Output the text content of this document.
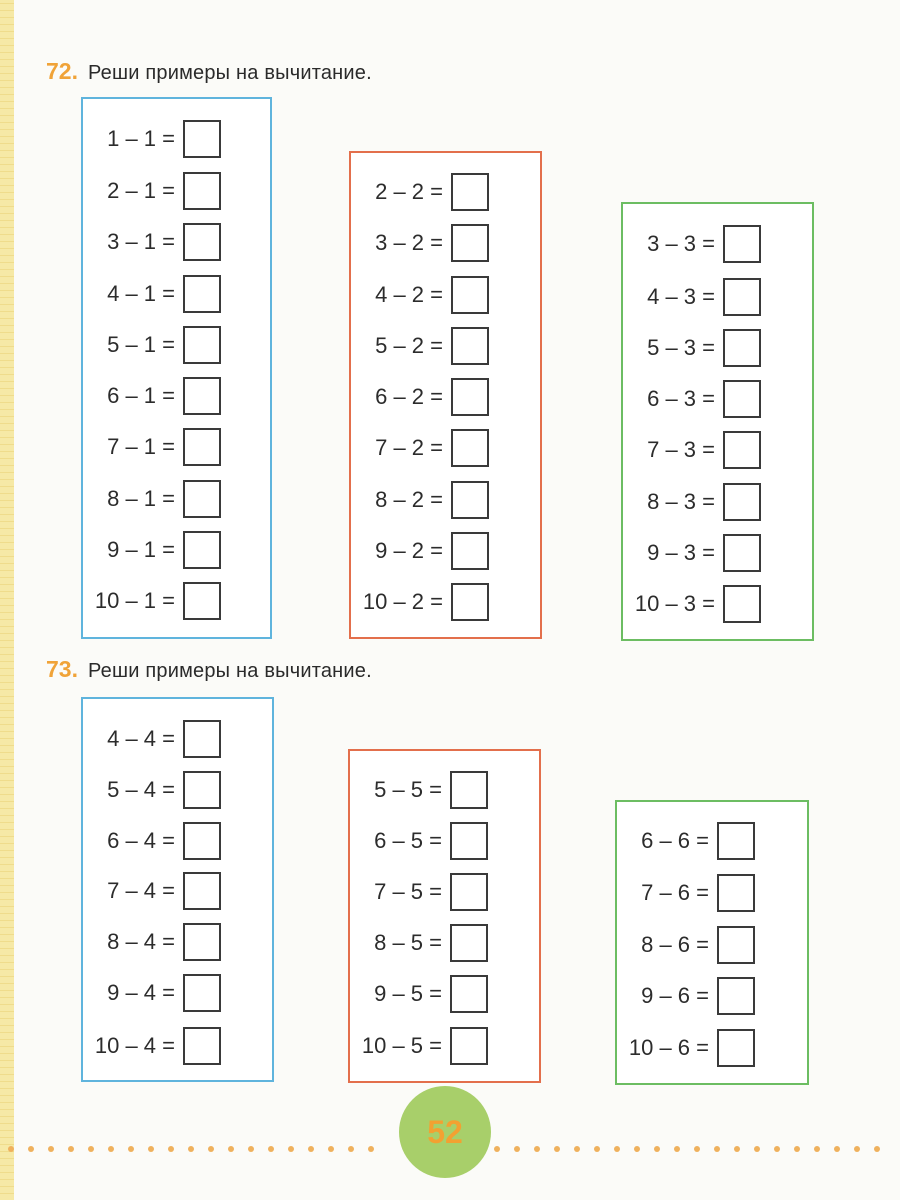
72. Реши примеры на вычитание.
1 – 1 =
2 – 1 =
3 – 1 =
4 – 1 =
5 – 1 =
6 – 1 =
7 – 1 =
8 – 1 =
9 – 1 =
10 – 1 =
2 – 2 =
3 – 2 =
4 – 2 =
5 – 2 =
6 – 2 =
7 – 2 =
8 – 2 =
9 – 2 =
10 – 2 =
3 – 3 =
4 – 3 =
5 – 3 =
6 – 3 =
7 – 3 =
8 – 3 =
9 – 3 =
10 – 3 =
73. Реши примеры на вычитание.
4 – 4 =
5 – 4 =
6 – 4 =
7 – 4 =
8 – 4 =
9 – 4 =
10 – 4 =
5 – 5 =
6 – 5 =
7 – 5 =
8 – 5 =
9 – 5 =
10 – 5 =
6 – 6 =
7 – 6 =
8 – 6 =
9 – 6 =
10 – 6 =
52
